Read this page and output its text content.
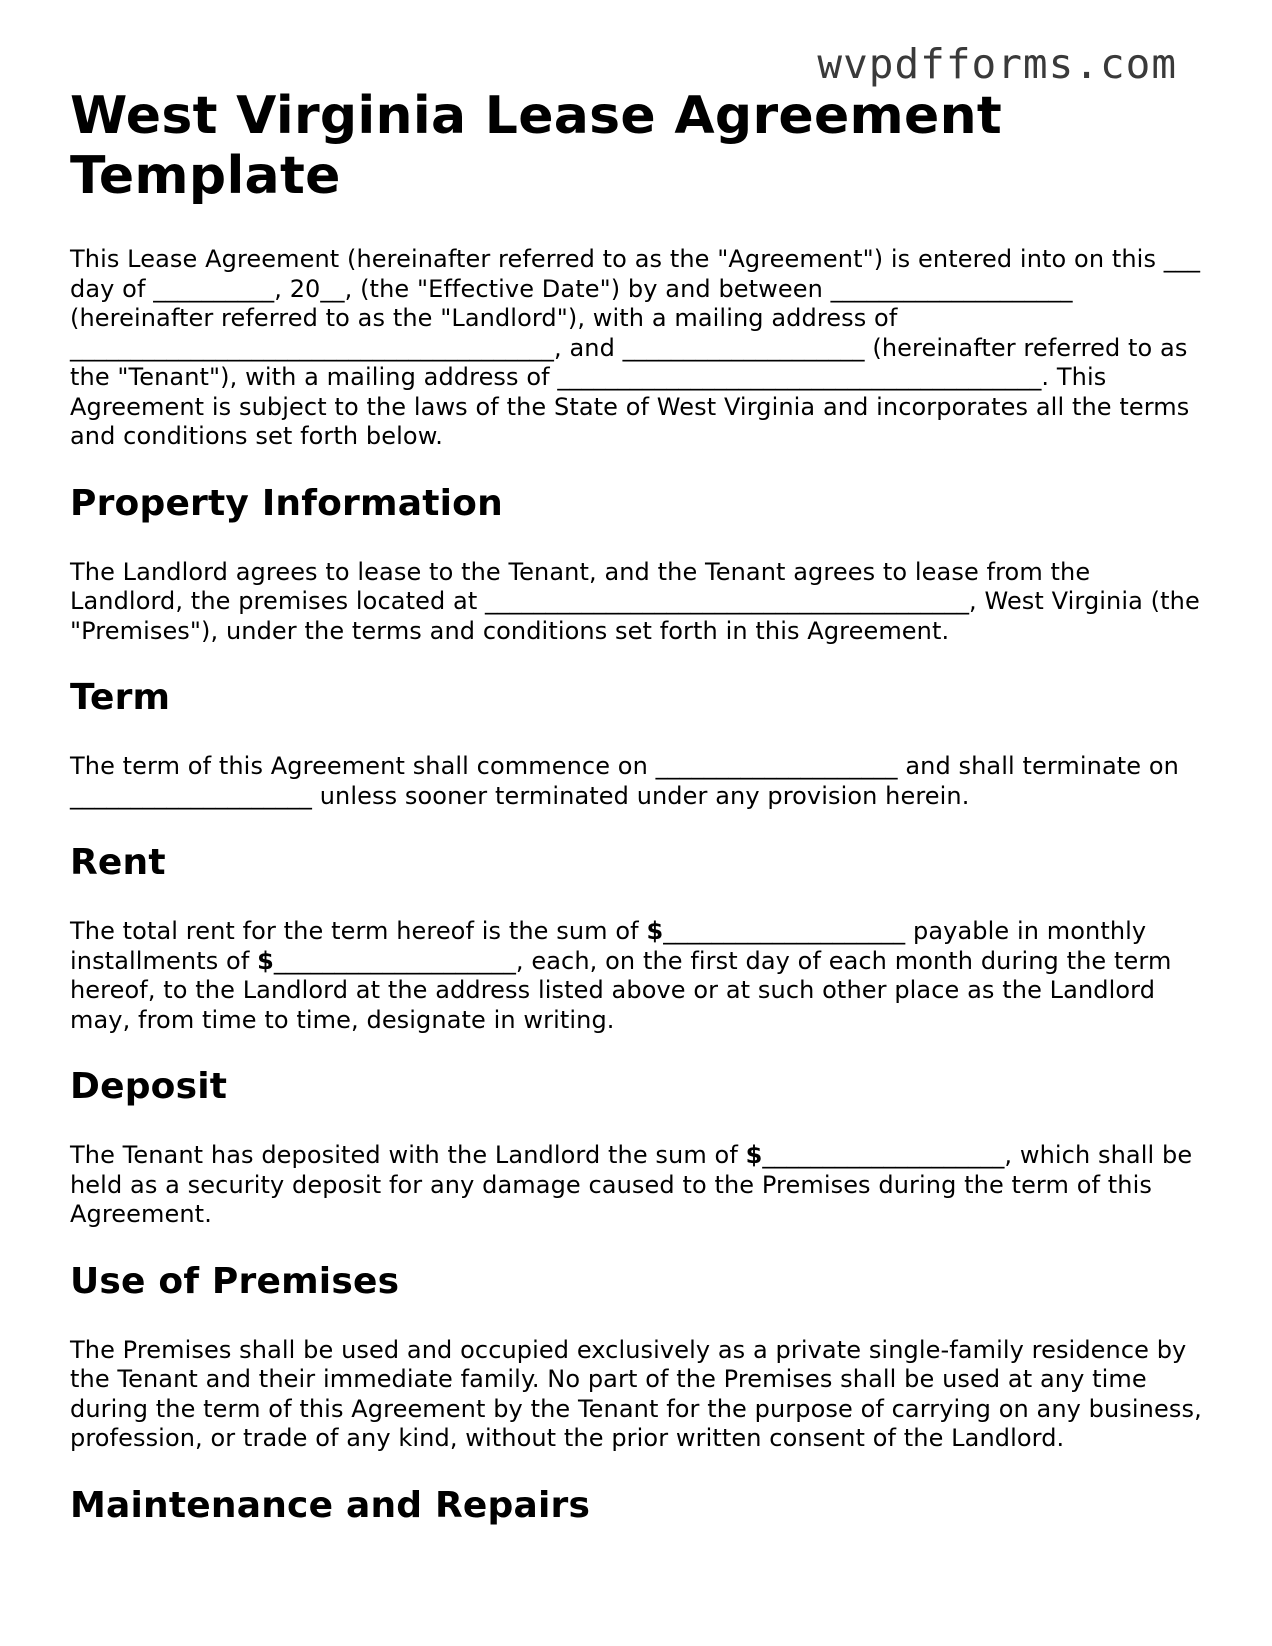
wvpdfforms.com
West Virginia Lease Agreement Template

This Lease Agreement (hereinafter referred to as the "Agreement") is entered into on this ___ day of __________, 20__, (the "Effective Date") by and between ____________________ (hereinafter referred to as the "Landlord"), with a mailing address of ________________________________________, and ____________________ (hereinafter referred to as the "Tenant"), with a mailing address of ________________________________________. This Agreement is subject to the laws of the State of West Virginia and incorporates all the terms and conditions set forth below.

Property Information

The Landlord agrees to lease to the Tenant, and the Tenant agrees to lease from the Landlord, the premises located at ________________________________________, West Virginia (the "Premises"), under the terms and conditions set forth in this Agreement.

Term

The term of this Agreement shall commence on ____________________ and shall terminate on ____________________ unless sooner terminated under any provision herein.

Rent

The total rent for the term hereof is the sum of $____________________ payable in monthly installments of $____________________, each, on the first day of each month during the term hereof, to the Landlord at the address listed above or at such other place as the Landlord may, from time to time, designate in writing.

Deposit

The Tenant has deposited with the Landlord the sum of $____________________, which shall be held as a security deposit for any damage caused to the Premises during the term of this Agreement.

Use of Premises

The Premises shall be used and occupied exclusively as a private single-family residence by the Tenant and their immediate family. No part of the Premises shall be used at any time during the term of this Agreement by the Tenant for the purpose of carrying on any business, profession, or trade of any kind, without the prior written consent of the Landlord.

Maintenance and Repairs
